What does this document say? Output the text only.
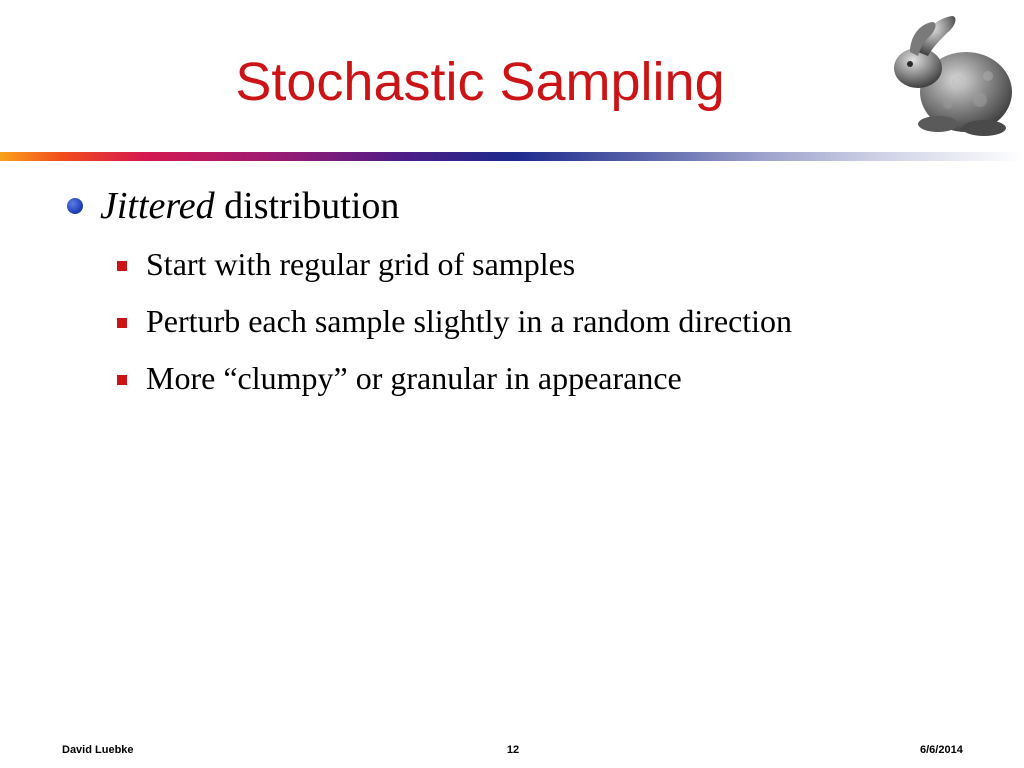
Stochastic Sampling
Jittered distribution
Start with regular grid of samples
Perturb each sample slightly in a random direction
More “clumpy” or granular in appearance
David Luebke	12	6/6/2014
